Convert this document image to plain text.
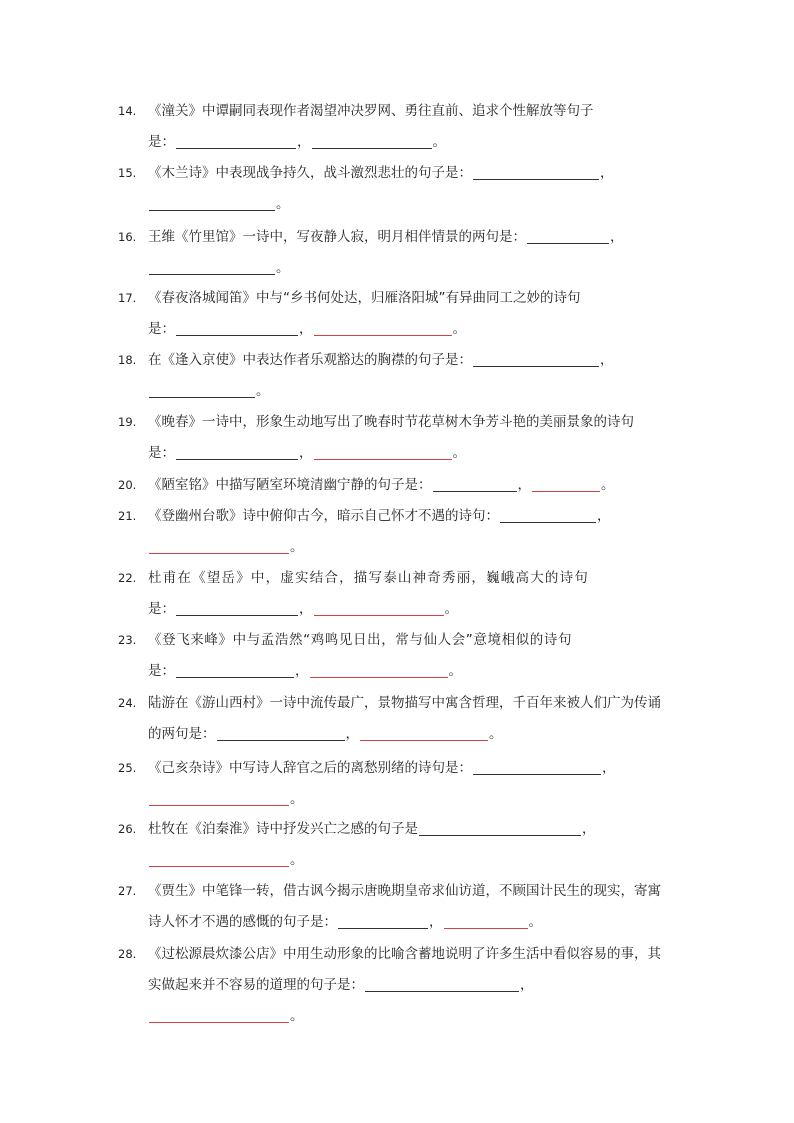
14. 《潼关》中谭嗣同表现作者渴望冲决罗网、勇往直前、追求个性解放等句子
是：	，	。
15. 《木兰诗》中表现战争持久，战斗激烈悲壮的句子是：	，
。
16. 王维《竹里馆》一诗中，写夜静人寂，明月相伴情景的两句是：	，
。
17. 《春夜洛城闻笛》中与“乡书何处达，归雁洛阳城”有异曲同工之妙的诗句
是：	，	。
18. 在《逢入京使》中表达作者乐观豁达的胸襟的句子是：	，
。
19. 《晚春》一诗中，形象生动地写出了晚春时节花草树木争芳斗艳的美丽景象的诗句
是：	，	。
20. 《陋室铭》中描写陋室环境清幽宁静的句子是：	，	。
21. 《登幽州台歌》诗中俯仰古今，暗示自己怀才不遇的诗句：	，
。
22. 杜甫在《望岳》中，虚实结合，描写泰山神奇秀丽，巍峨高大的诗句
是：	，	。
23. 《登飞来峰》中与孟浩然“鸡鸣见日出，常与仙人会”意境相似的诗句
是：	，	。
24. 陆游在《游山西村》一诗中流传最广，景物描写中寓含哲理，千百年来被人们广为传诵
的两句是：	，	。
25. 《己亥杂诗》中写诗人辞官之后的离愁别绪的诗句是：	，
。
26. 杜牧在《泊秦淮》诗中抒发兴亡之感的句子是	，
。
27. 《贾生》中笔锋一转，借古讽今揭示唐晚期皇帝求仙访道，不顾国计民生的现实，寄寓
诗人怀才不遇的感慨的句子是：	，	。
28. 《过松源晨炊漆公店》中用生动形象的比喻含蓄地说明了许多生活中看似容易的事，其
实做起来并不容易的道理的句子是：	，
。
